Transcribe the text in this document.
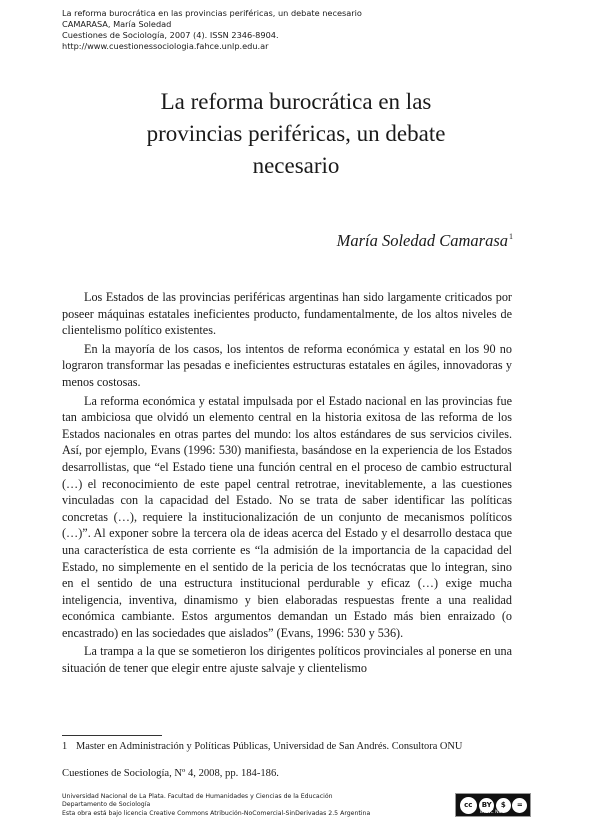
La reforma burocrática en las provincias periféricas, un debate necesario
CAMARASA, María Soledad
Cuestiones de Sociología, 2007 (4). ISSN 2346-8904.
http://www.cuestionessociologia.fahce.unlp.edu.ar
La reforma burocrática en las
provincias periféricas, un debate
necesario
María Soledad Camarasa$^1$

Los Estados de las provincias periféricas argentinas han sido largamente criticados por poseer máquinas estatales ineficientes producto, fundamentalmente, de los altos niveles de clientelismo político existentes.

En la mayoría de los casos, los intentos de reforma económica y estatal en los 90 no lograron transformar las pesadas e ineficientes estructuras estatales en ágiles, innovadoras y menos costosas.

La reforma económica y estatal impulsada por el Estado nacional en las provincias fue tan ambiciosa que olvidó un elemento central en la historia exitosa de las reforma de los Estados nacionales en otras partes del mundo: los altos estándares de sus servicios civiles. Así, por ejemplo, Evans (1996: 530) manifiesta, basándose en la experiencia de los Estados desarrollistas, que “el Estado tiene una función central en el proceso de cambio estructural (…) el reconocimiento de este papel central retrotrae, inevitablemente, a las cuestiones vinculadas con la capacidad del Estado. No se trata de saber identificar las políticas concretas (…), requiere la institucionalización de un conjunto de mecanismos políticos (…)”. Al exponer sobre la tercera ola de ideas acerca del Estado y el desarrollo destaca que una característica de esta corriente es “la admisión de la importancia de la capacidad del Estado, no simplemente en el sentido de la pericia de los tecnócratas que lo integran, sino en el sentido de una estructura institucional perdurable y eficaz (…) exige mucha inteligencia, inventiva, dinamismo y bien elaboradas respuestas frente a una realidad económica cambiante. Estos argumentos demandan un Estado más bien enraizado (o encastrado) en las sociedades que aislados” (Evans, 1996: 530 y 536).

La trampa a la que se sometieron los dirigentes políticos provinciales al ponerse en una situación de tener que elegir entre ajuste salvaje y clientelismo

1 Master en Administración y Políticas Públicas, Universidad de San Andrés. Consultora ONU
Cuestiones de Sociología, Nº 4, 2008, pp. 184-186.
Universidad Nacional de La Plata. Facultad de Humanidades y Ciencias de la Educación
Departamento de Sociología
Esta obra está bajo licencia Creative Commons Atribución-NoComercial-SinDerivadas 2.5 Argentina
cc	BY	$	=
BY NC ND
